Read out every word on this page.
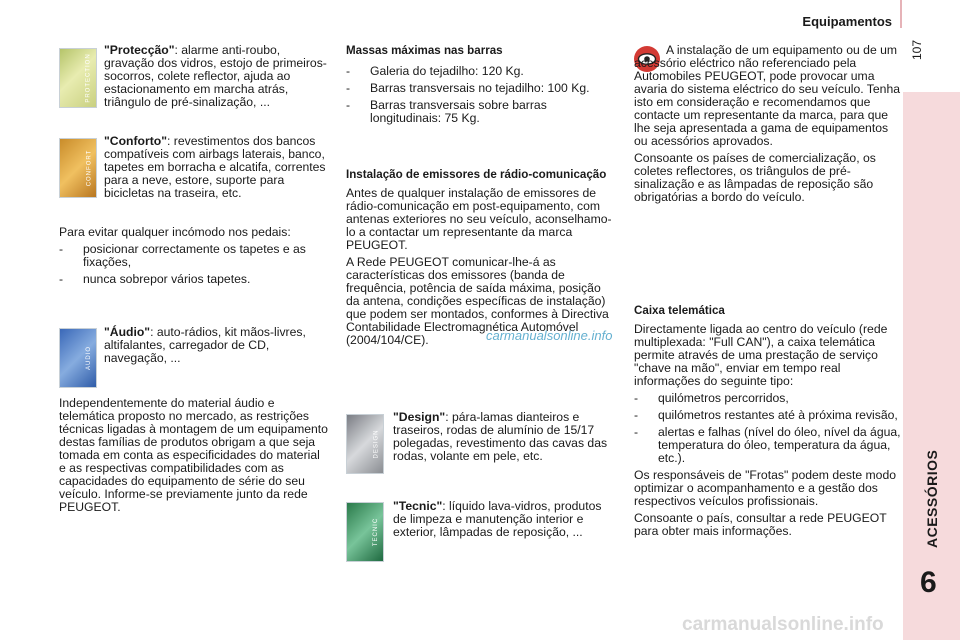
Equipamentos
107
ACESSÓRIOS
6
PROTECTION
CONFORT
AUDIO
DESIGN
TECNIC
"Protecção": alarme anti-roubo, gravação dos vidros, estojo de primeiros-socorros, colete reflector, ajuda ao estacionamento em marcha atrás, triângulo de pré-sinalização, ...
"Conforto": revestimentos dos bancos compatíveis com airbags laterais, banco, tapetes em borracha e alcatifa, correntes para a neve, estore, suporte para bicicletas na traseira, etc.

Para evitar qualquer incómodo nos pedais:

- posicionar correctamente os tapetes e as fixações,
- nunca sobrepor vários tapetes.
"Áudio": auto-rádios, kit mãos-livres, altifalantes, carregador de CD, navegação, ...
Independentemente do material áudio e telemática proposto no mercado, as restrições técnicas ligadas à montagem de um equipamento destas famílias de produtos obrigam a que seja tomada em conta as especificidades do material e as respectivas compatibilidades com as capacidades do equipamento de série do seu veículo. Informe-se previamente junto da rede PEUGEOT.

Massas máximas nas barras

- Galeria do tejadilho: 120 Kg.
- Barras transversais no tejadilho: 100 Kg.
- Barras transversais sobre barras longitudinais: 75 Kg.

Instalação de emissores de rádio-comunicação

Antes de qualquer instalação de emissores de rádio-comunicação em post-equipamento, com antenas exteriores no seu veículo, aconselhamo-lo a contactar um representante da marca PEUGEOT.

A Rede PEUGEOT comunicar-lhe-á as características dos emissores (banda de frequência, potência de saída máxima, posição da antena, condições específicas de instalação) que podem ser montados, conformes à Directiva Contabilidade Electromagnética Automóvel (2004/104/CE).

"Design": pára-lamas dianteiros e traseiros, rodas de alumínio de 15/17 polegadas, revestimento das cavas das rodas, volante em pele, etc.
"Tecnic": líquido lava-vidros, produtos de limpeza e manutenção interior e exterior, lâmpadas de reposição, ...

A instalação de um equipamento ou de um acessório eléctrico não referenciado pela Automobiles PEUGEOT, pode provocar uma avaria do sistema eléctrico do seu veículo. Tenha isto em consideração e recomendamos que contacte um representante da marca, para que lhe seja apresentada a gama de equipamentos ou acessórios aprovados.

Consoante os países de comercialização, os coletes reflectores, os triângulos de pré-sinalização e as lâmpadas de reposição são obrigatórias a bordo do veículo.

Caixa telemática

Directamente ligada ao centro do veículo (rede multiplexada: "Full CAN"), a caixa telemática permite através de uma prestação de serviço "chave na mão", enviar em tempo real informações do seguinte tipo:

- quilómetros percorridos,
- quilómetros restantes até à próxima revisão,
- alertas e falhas (nível do óleo, nível da água, temperatura do óleo, temperatura da água, etc.).

Os responsáveis de "Frotas" podem deste modo optimizar o acompanhamento e a gestão dos respectivos veículos profissionais.

Consoante o país, consultar a rede PEUGEOT para obter mais informações.

carmanualsonline.info
carmanualsonline.info
